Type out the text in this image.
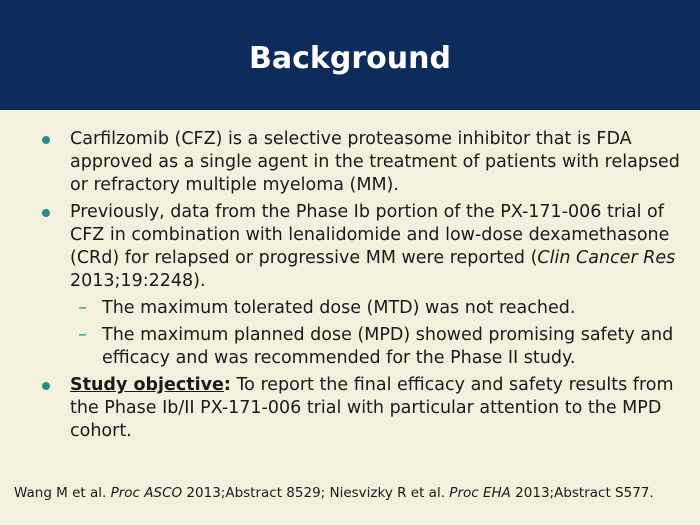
Background
Carfilzomib (CFZ) is a selective proteasome inhibitor that is FDA approved as a single agent in the treatment of patients with relapsed or refractory multiple myeloma (MM).
Previously, data from the Phase Ib portion of the PX-171-006 trial of CFZ in combination with lenalidomide and low-dose dexamethasone (CRd) for relapsed or progressive MM were reported (Clin Cancer Res 2013;19:2248).
– The maximum tolerated dose (MTD) was not reached.
– The maximum planned dose (MPD) showed promising safety and efficacy and was recommended for the Phase II study.
Study objective: To report the final efficacy and safety results from the Phase Ib/II PX-171-006 trial with particular attention to the MPD cohort.
Wang M et al. Proc ASCO 2013;Abstract 8529; Niesvizky R et al. Proc EHA 2013;Abstract S577.
